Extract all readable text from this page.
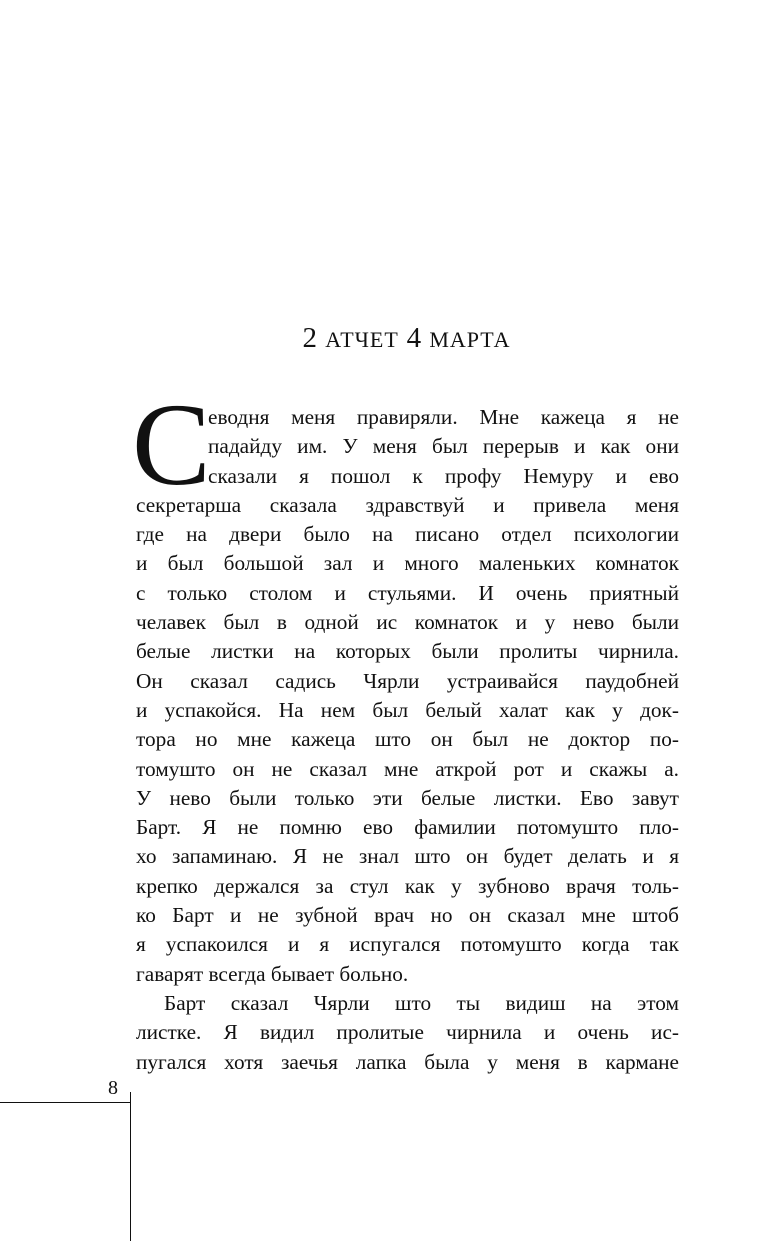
2 АТЧЕТ 4 МАРТА
С
еводня меня правиряли. Мне кажеца я не
падайду им. У меня был перерыв и как они
сказали я пошол к профу Немуру и ево
секретарша сказала здравствуй и привела меня
где на двери было на писано отдел психологии
и был большой зал и много маленьких комнаток
с только столом и стульями. И очень приятный
челавек был в одной ис комнаток и у нево были
белые листки на которых были пролиты чирнила.
Он сказал садись Чярли устраивайся паудобней
и успакойся. На нем был белый халат как у док-
тора но мне кажеца што он был не доктор по-
томушто он не сказал мне аткрой рот и скажы а.
У нево были только эти белые листки. Ево завут
Барт. Я не помню ево фамилии потомушто пло-
хо запаминаю. Я не знал што он будет делать и я
крепко держался за стул как у зубново врачя толь-
ко Барт и не зубной врач но он сказал мне штоб
я успакоился и я испугался потомушто когда так
гаварят всегда бывает больно.
Барт сказал Чярли што ты видиш на этом
листке. Я видил пролитые чирнила и очень ис-
пугался хотя заечья лапка была у меня в кармане
8
